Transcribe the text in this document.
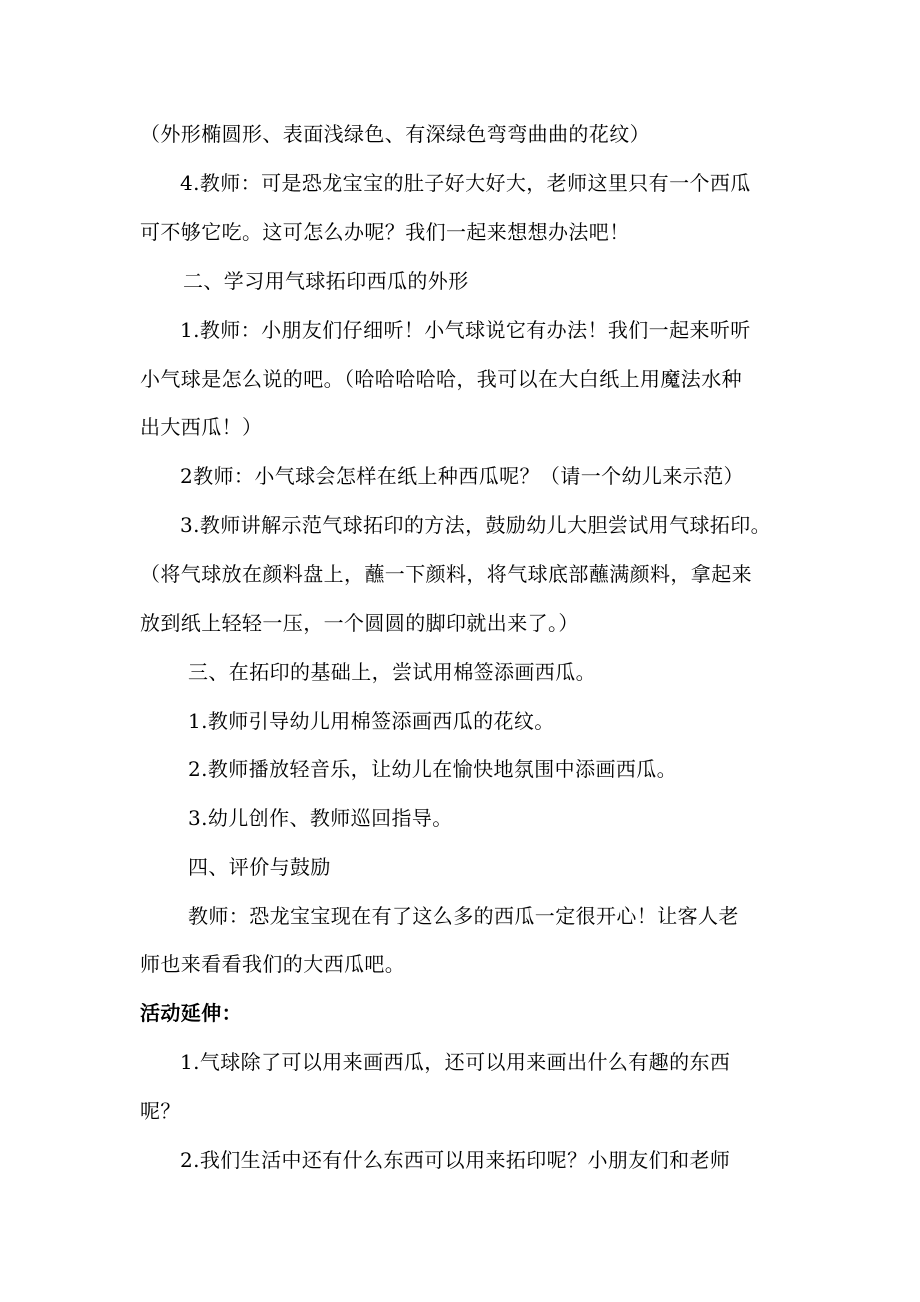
（外形椭圆形、表面浅绿色、有深绿色弯弯曲曲的花纹）
4.教师：可是恐龙宝宝的肚子好大好大，老师这里只有一个西瓜
可不够它吃。这可怎么办呢？我们一起来想想办法吧！
二、学习用气球拓印西瓜的外形
1.教师：小朋友们仔细听！小气球说它有办法！我们一起来听听
小气球是怎么说的吧。（哈哈哈哈哈，我可以在大白纸上用魔法水种
出大西瓜！）
2教师：小气球会怎样在纸上种西瓜呢？（请一个幼儿来示范）
3.教师讲解示范气球拓印的方法，鼓励幼儿大胆尝试用气球拓印。
（将气球放在颜料盘上，蘸一下颜料，将气球底部蘸满颜料，拿起来
放到纸上轻轻一压，一个圆圆的脚印就出来了。）
三、在拓印的基础上，尝试用棉签添画西瓜。
1.教师引导幼儿用棉签添画西瓜的花纹。
2.教师播放轻音乐，让幼儿在愉快地氛围中添画西瓜。
3.幼儿创作、教师巡回指导。
四、评价与鼓励
教师：恐龙宝宝现在有了这么多的西瓜一定很开心！让客人老
师也来看看我们的大西瓜吧。
活动延伸：
1.气球除了可以用来画西瓜，还可以用来画出什么有趣的东西
呢？
2.我们生活中还有什么东西可以用来拓印呢？小朋友们和老师
